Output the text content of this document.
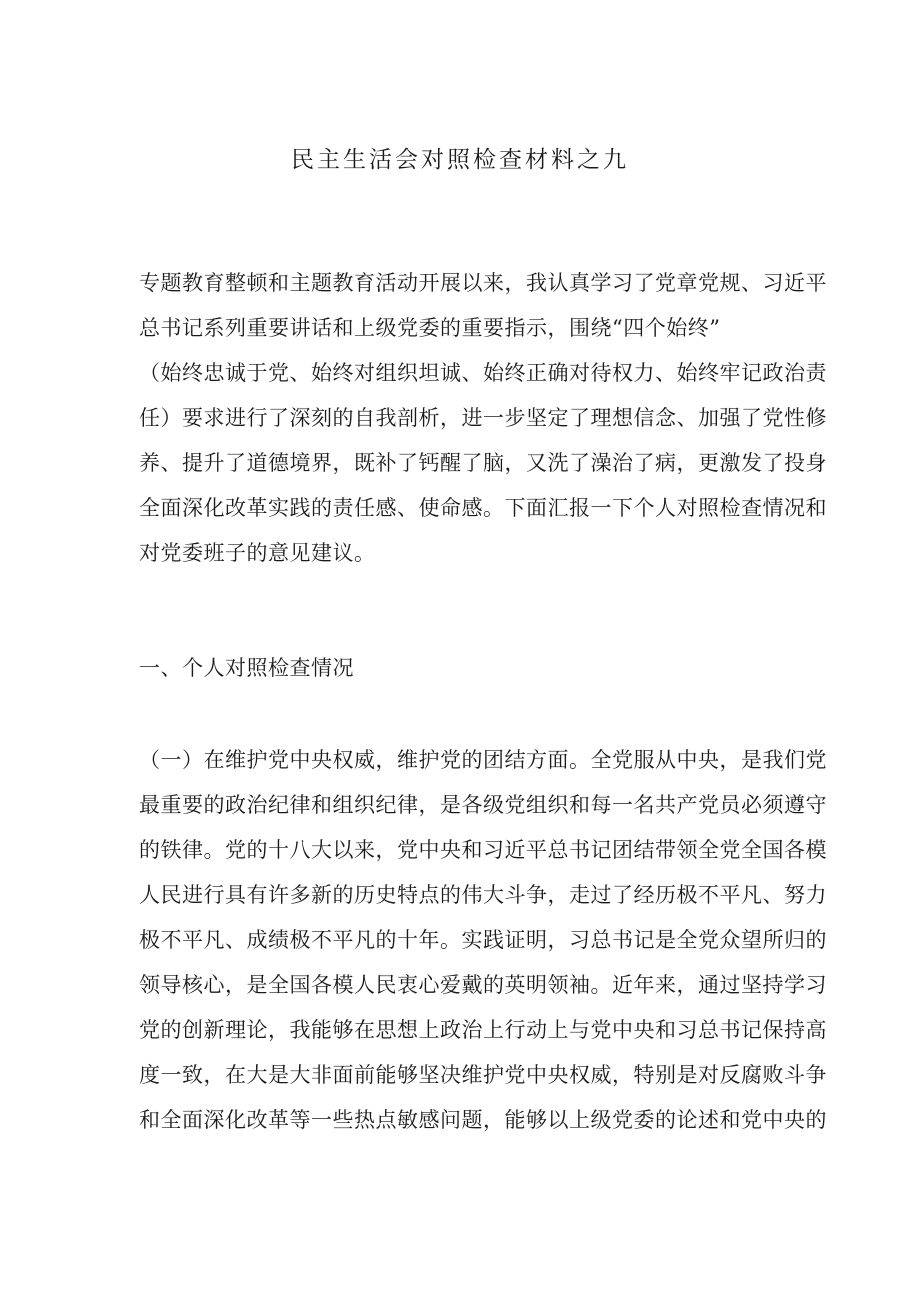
民主生活会对照检查材料之九
专题教育整顿和主题教育活动开展以来，我认真学习了党章党规、习近平
总书记系列重要讲话和上级党委的重要指示，围绕“四个始终”
（始终忠诚于党、始终对组织坦诚、始终正确对待权力、始终牢记政治责
任）要求进行了深刻的自我剖析，进一步坚定了理想信念、加强了党性修
养、提升了道德境界，既补了钙醒了脑，又洗了澡治了病，更激发了投身
全面深化改革实践的责任感、使命感。下面汇报一下个人对照检查情况和
对党委班子的意见建议。
一、个人对照检查情况
（一）在维护党中央权威，维护党的团结方面。全党服从中央，是我们党
最重要的政治纪律和组织纪律，是各级党组织和每一名共产党员必须遵守
的铁律。党的十八大以来，党中央和习近平总书记团结带领全党全国各模
人民进行具有许多新的历史特点的伟大斗争，走过了经历极不平凡、努力
极不平凡、成绩极不平凡的十年。实践证明，习总书记是全党众望所归的
领导核心，是全国各模人民衷心爱戴的英明领袖。近年来，通过坚持学习
党的创新理论，我能够在思想上政治上行动上与党中央和习总书记保持高
度一致，在大是大非面前能够坚决维护党中央权威，特别是对反腐败斗争
和全面深化改革等一些热点敏感问题，能够以上级党委的论述和党中央的
